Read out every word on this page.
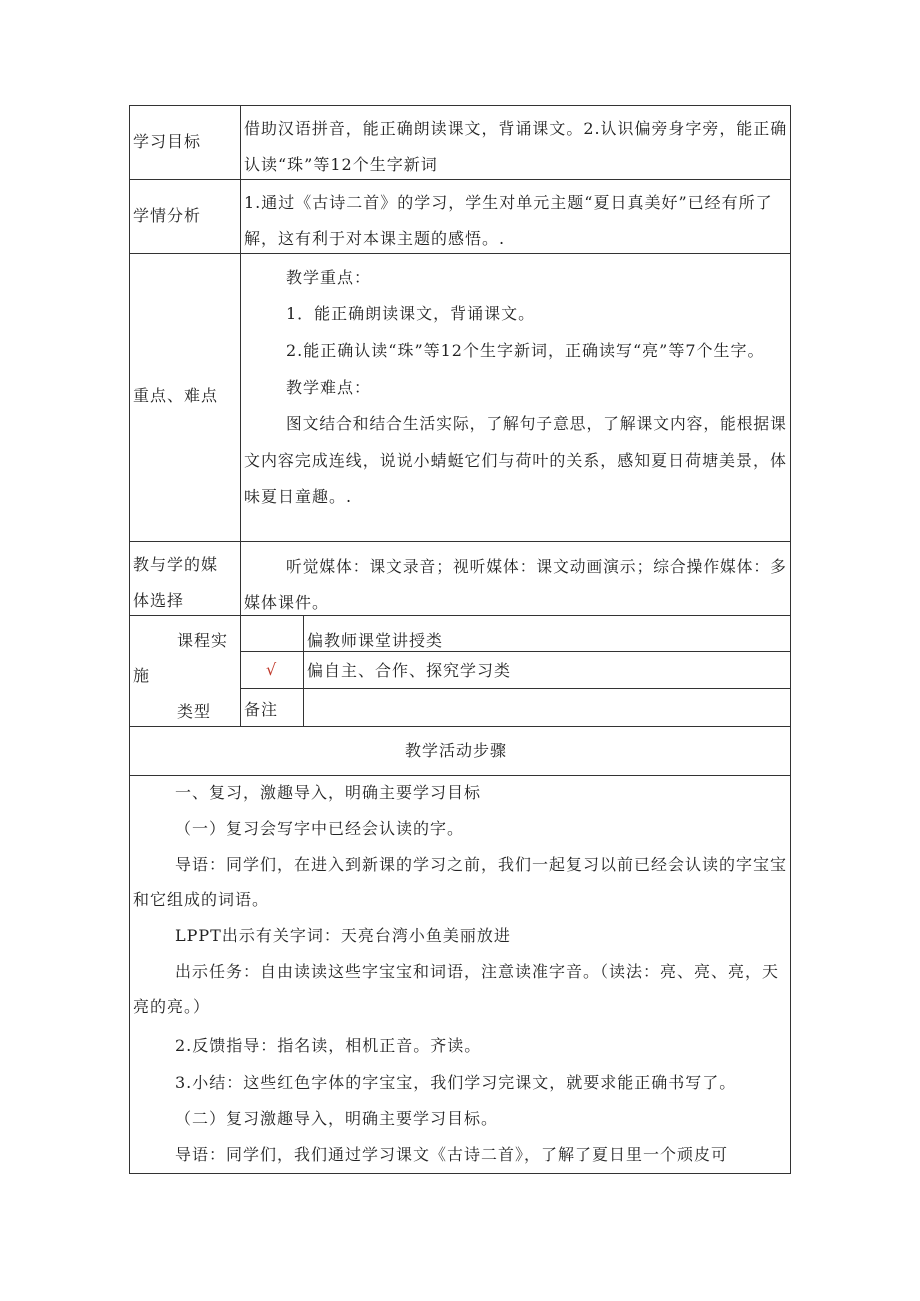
学习目标
借助汉语拼音，能正确朗读课文，背诵课文。2.认识偏旁身字旁，能正确
认读“珠”等12个生字新词
学情分析
1.通过《古诗二首》的学习，学生对单元主题“夏日真美好”已经有所了
解，这有利于对本课主题的感悟。.
重点、难点
教学重点：
1．能正确朗读课文，背诵课文。
2.能正确认读“珠”等12个生字新词，正确读写“亮”等7个生字。
教学难点：
图文结合和结合生活实际，了解句子意思，了解课文内容，能根据课
文内容完成连线，说说小蜻蜓它们与荷叶的关系，感知夏日荷塘美景，体
味夏日童趣。.
教与学的媒
体选择
听觉媒体：课文录音；视听媒体：课文动画演示；综合操作媒体：多
媒体课件。
课程实
施
类型
偏教师课堂讲授类
√ 偏自主、合作、探究学习类
备注
教学活动步骤
一、复习，激趣导入，明确主要学习目标
（一）复习会写字中已经会认读的字。
导语：同学们，在进入到新课的学习之前，我们一起复习以前已经会认读的字宝宝
和它组成的词语。
LPPT出示有关字词：天亮台湾小鱼美丽放进
出示任务：自由读读这些字宝宝和词语，注意读准字音。（读法：亮、亮、亮，天
亮的亮。）
2.反馈指导：指名读，相机正音。齐读。
3.小结：这些红色字体的字宝宝，我们学习完课文，就要求能正确书写了。
（二）复习激趣导入，明确主要学习目标。
导语：同学们，我们通过学习课文《古诗二首》，了解了夏日里一个顽皮可
